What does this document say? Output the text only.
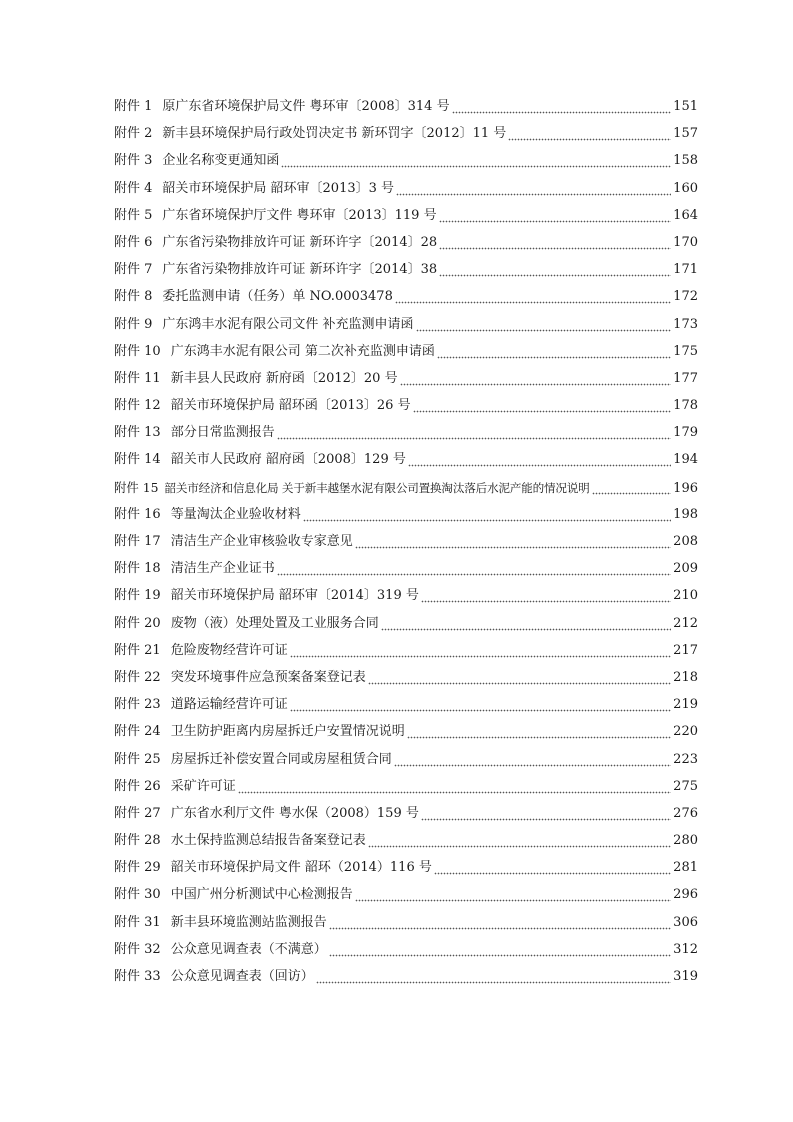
附件 1 原广东省环境保护局文件 粤环审〔2008〕314 号	151
附件 2 新丰县环境保护局行政处罚决定书 新环罚字〔2012〕11 号	157
附件 3 企业名称变更通知函	158
附件 4 韶关市环境保护局 韶环审〔2013〕3 号	160
附件 5 广东省环境保护厅文件 粤环审〔2013〕119 号	164
附件 6 广东省污染物排放许可证 新环许字〔2014〕28	170
附件 7 广东省污染物排放许可证 新环许字〔2014〕38	171
附件 8 委托监测申请（任务）单 NO.0003478	172
附件 9 广东鸿丰水泥有限公司文件 补充监测申请函	173
附件 10 广东鸿丰水泥有限公司 第二次补充监测申请函	175
附件 11 新丰县人民政府 新府函〔2012〕20 号	177
附件 12 韶关市环境保护局 韶环函〔2013〕26 号	178
附件 13 部分日常监测报告	179
附件 14 韶关市人民政府 韶府函〔2008〕129 号	194
附件 15 韶关市经济和信息化局 关于新丰越堡水泥有限公司置换淘汰落后水泥产能的情况说明	196
附件 16 等量淘汰企业验收材料	198
附件 17 清洁生产企业审核验收专家意见	208
附件 18 清洁生产企业证书	209
附件 19 韶关市环境保护局 韶环审〔2014〕319 号	210
附件 20 废物（液）处理处置及工业服务合同	212
附件 21 危险废物经营许可证	217
附件 22 突发环境事件应急预案备案登记表	218
附件 23 道路运输经营许可证	219
附件 24 卫生防护距离内房屋拆迁户安置情况说明	220
附件 25 房屋拆迁补偿安置合同或房屋租赁合同	223
附件 26 采矿许可证	275
附件 27 广东省水利厅文件 粤水保（2008）159 号	276
附件 28 水土保持监测总结报告备案登记表	280
附件 29 韶关市环境保护局文件 韶环（2014）116 号	281
附件 30 中国广州分析测试中心检测报告	296
附件 31 新丰县环境监测站监测报告	306
附件 32 公众意见调查表（不满意）	312
附件 33 公众意见调查表（回访）	319
